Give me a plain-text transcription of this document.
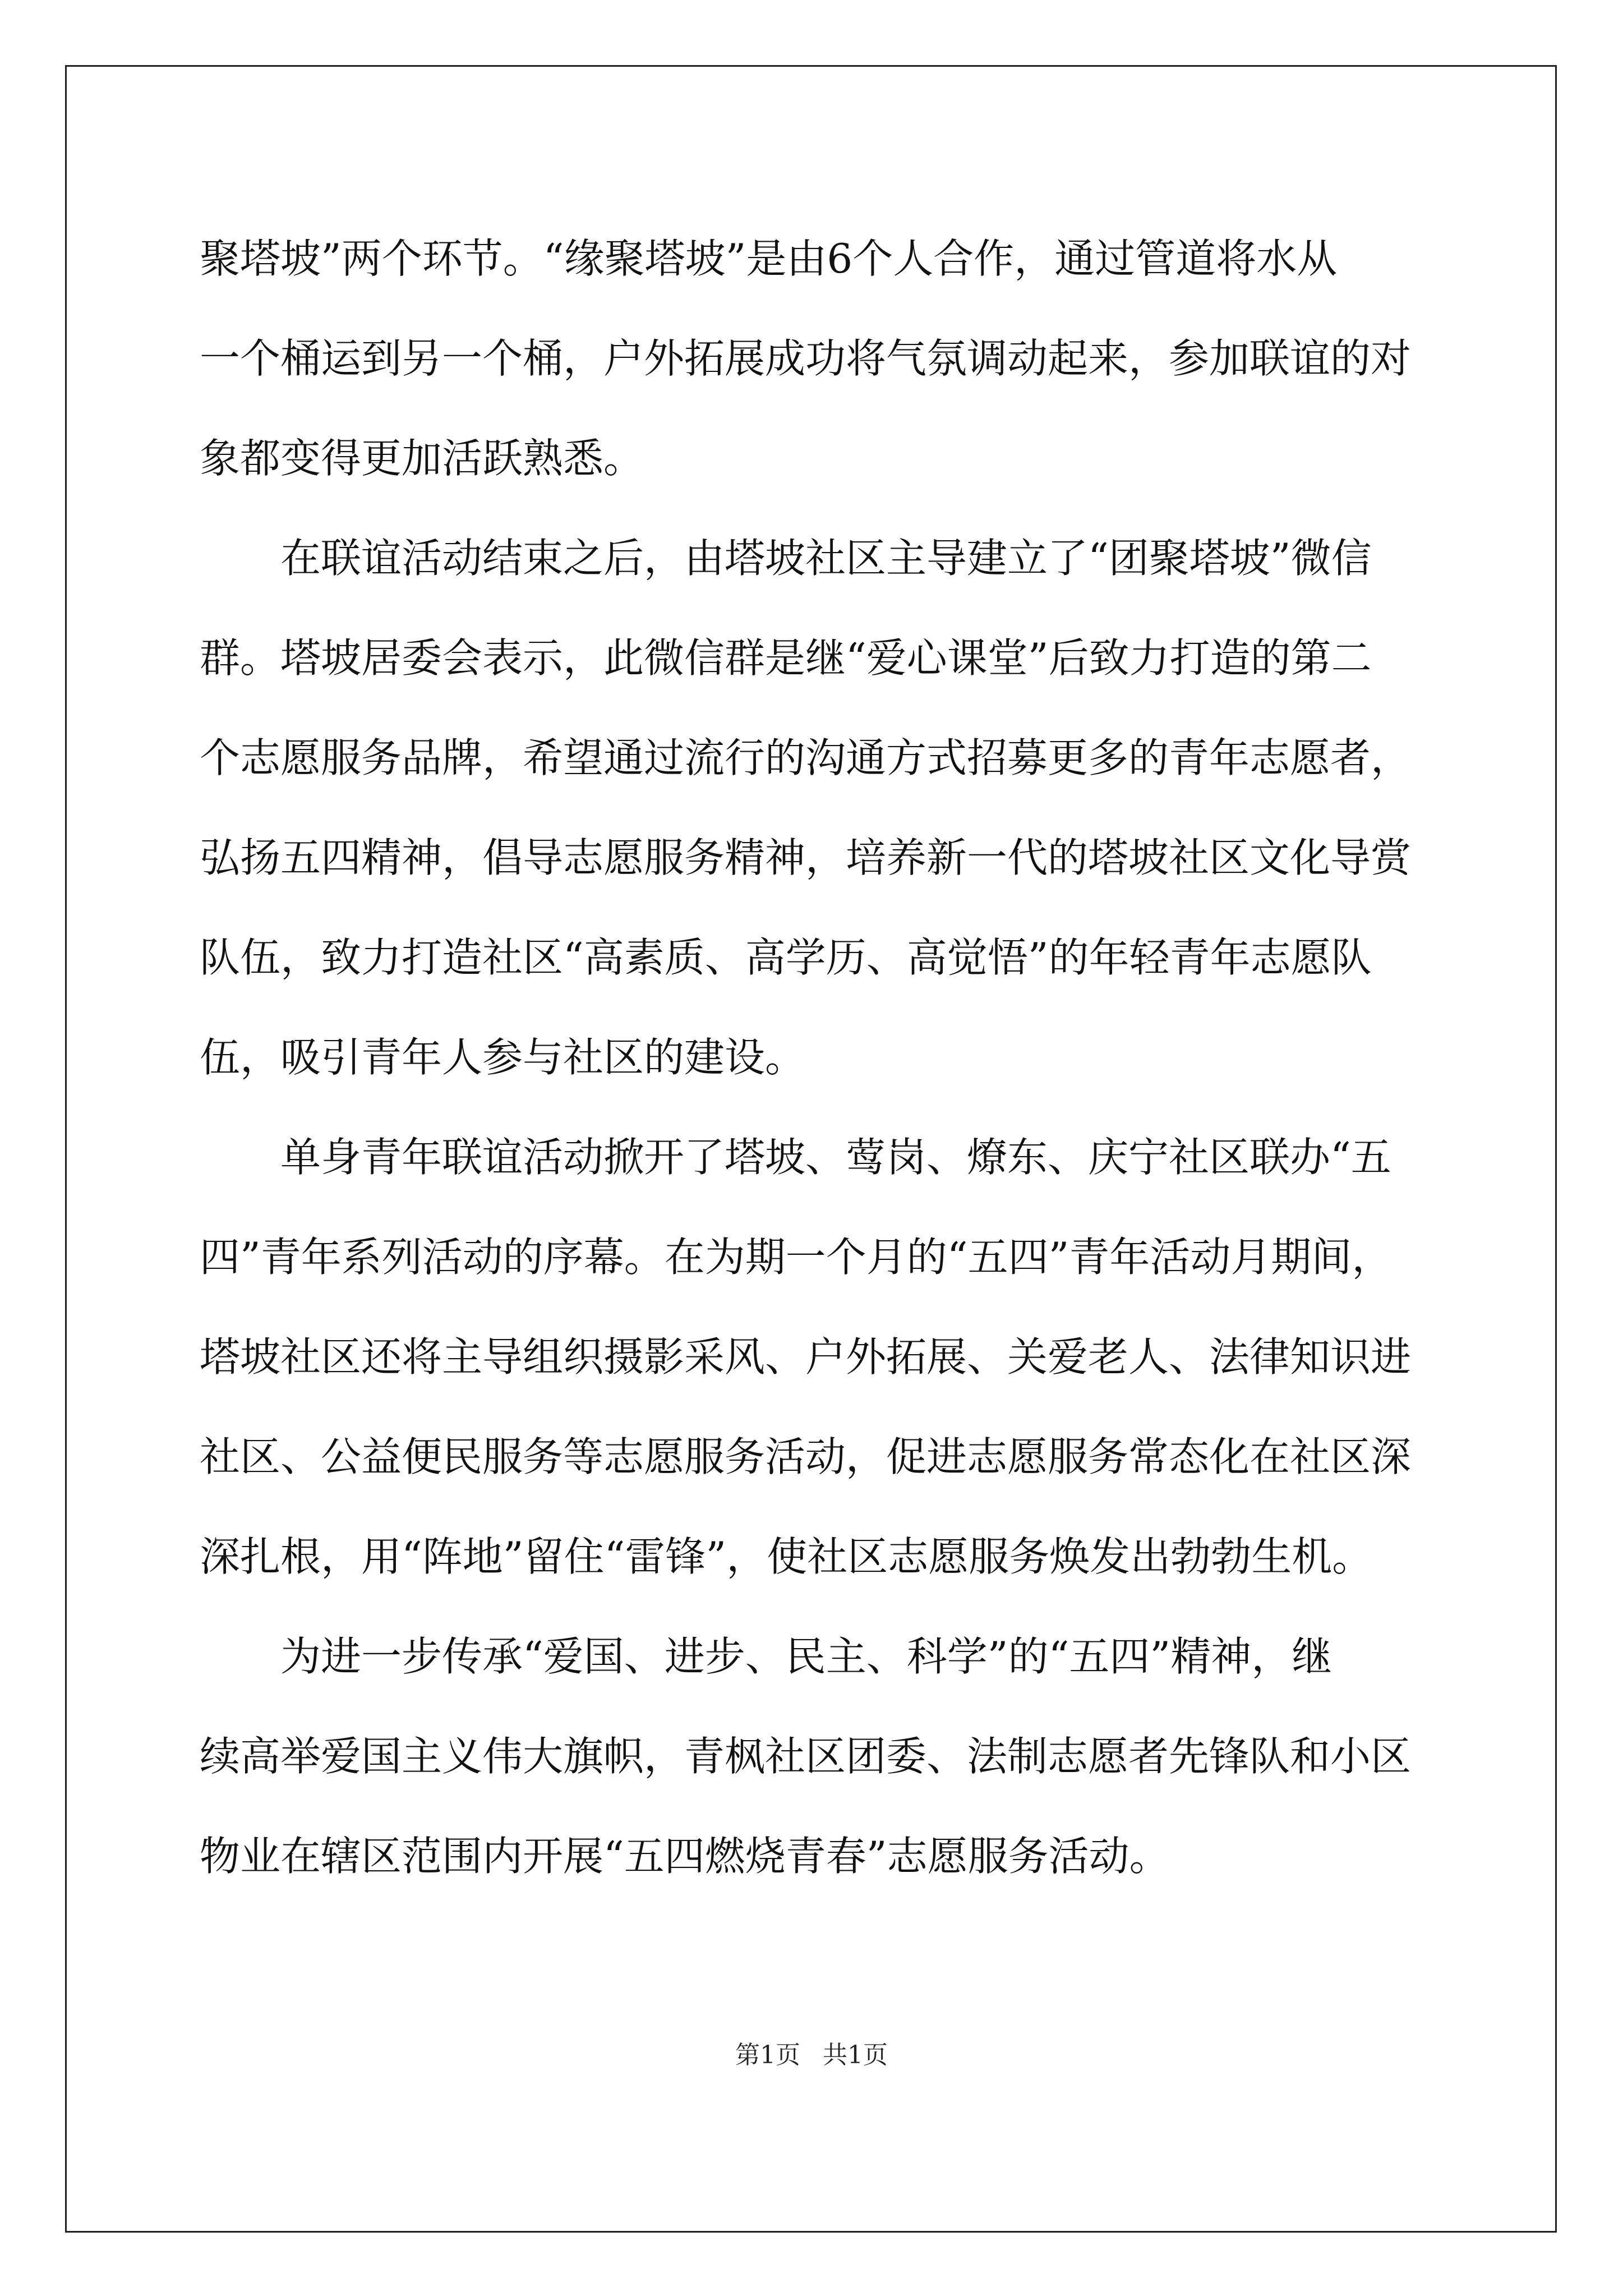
聚塔坡”两个环节。“缘聚塔坡”是由6个人合作，通过管道将水从
一个桶运到另一个桶，户外拓展成功将气氛调动起来，参加联谊的对
象都变得更加活跃熟悉。
在联谊活动结束之后，由塔坡社区主导建立了“团聚塔坡”微信
群。塔坡居委会表示，此微信群是继“爱心课堂”后致力打造的第二
个志愿服务品牌，希望通过流行的沟通方式招募更多的青年志愿者，
弘扬五四精神，倡导志愿服务精神，培养新一代的塔坡社区文化导赏
队伍，致力打造社区“高素质、高学历、高觉悟”的年轻青年志愿队
伍，吸引青年人参与社区的建设。
单身青年联谊活动掀开了塔坡、莺岗、燎东、庆宁社区联办“五
四”青年系列活动的序幕。在为期一个月的“五四”青年活动月期间，
塔坡社区还将主导组织摄影采风、户外拓展、关爱老人、法律知识进
社区、公益便民服务等志愿服务活动，促进志愿服务常态化在社区深
深扎根，用“阵地”留住“雷锋”，使社区志愿服务焕发出勃勃生机。
为进一步传承“爱国、进步、民主、科学”的“五四”精神，继
续高举爱国主义伟大旗帜，青枫社区团委、法制志愿者先锋队和小区
物业在辖区范围内开展“五四燃烧青春”志愿服务活动。
第1页 共1页
